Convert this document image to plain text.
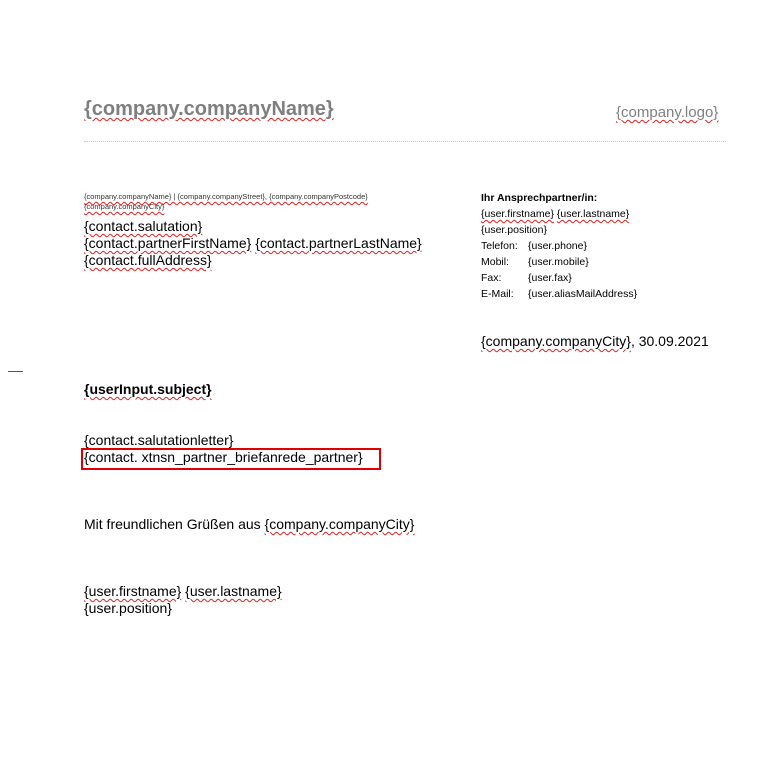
{company.companyName}	{company.logo}
{company.companyName} | {company.companyStreet}, {company.companyPostcode} {company.companyCity}
{contact.salutation}
{contact.partnerFirstName} {contact.partnerLastName}
{contact.fullAddress}
Ihr Ansprechpartner/in:
{user.firstname} {user.lastname}
{user.position}
Telefon: {user.phone}
Mobil: {user.mobile}
Fax:	{user.fax}
E-Mail: {user.aliasMailAddress}
{company.companyCity}, 30.09.2021
{userInput.subject}
{contact.salutationletter}
{contact. xtnsn_partner_briefanrede_partner}
Mit freundlichen Grüßen aus {company.companyCity}
{user.firstname} {user.lastname}
{user.position}
